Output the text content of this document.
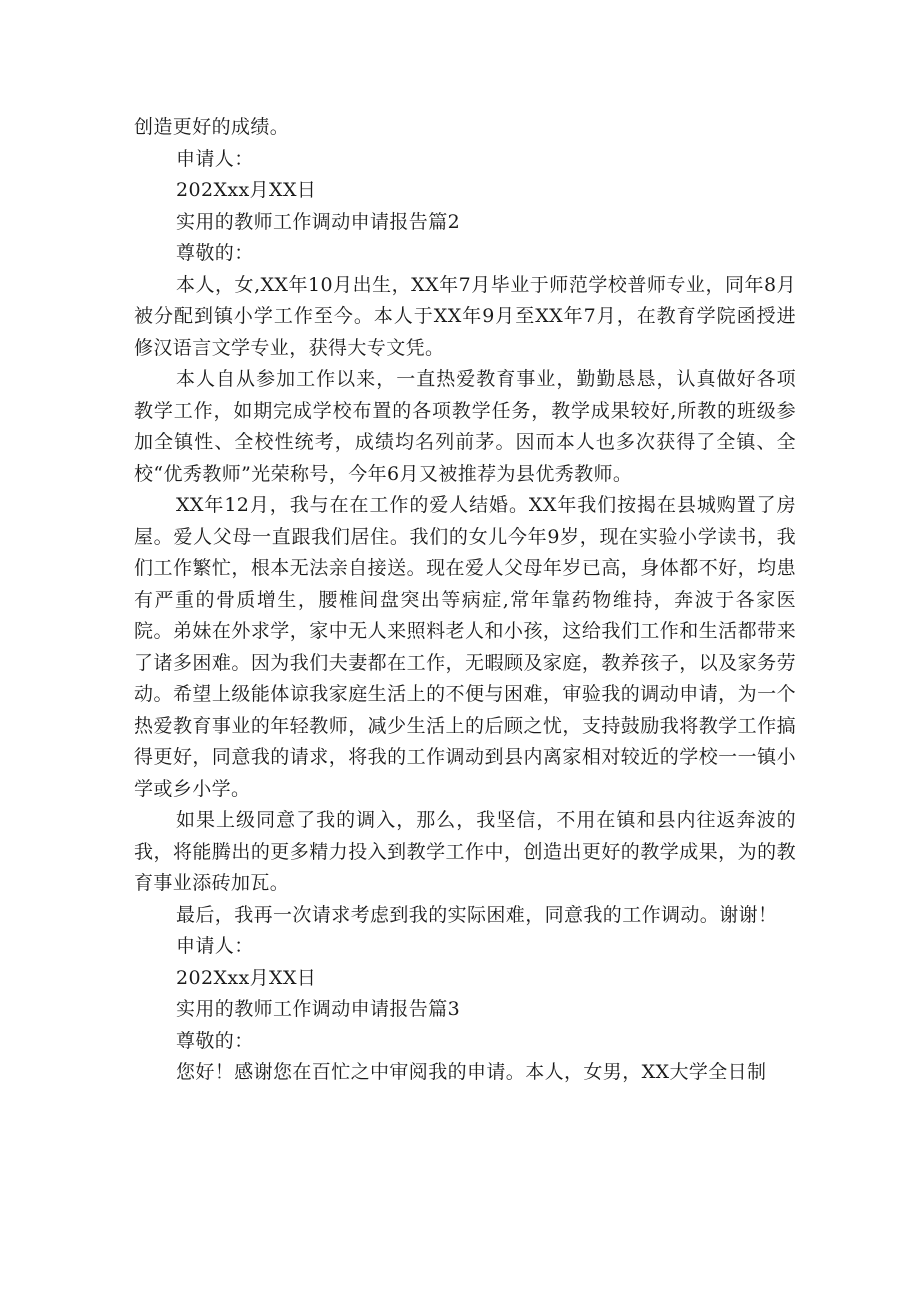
创造更好的成绩。

申请人：

202Xxx月XX日

实用的教师工作调动申请报告篇2

尊敬的：

本人，女,XX年10月出生，XX年7月毕业于师范学校普师专业，同年8月被分配到镇小学工作至今。本人于XX年9月至XX年7月，在教育学院函授进修汉语言文学专业，获得大专文凭。

本人自从参加工作以来，一直热爱教育事业，勤勤恳恳，认真做好各项教学工作，如期完成学校布置的各项教学任务，教学成果较好,所教的班级参加全镇性、全校性统考，成绩均名列前茅。因而本人也多次获得了全镇、全校“优秀教师”光荣称号，今年6月又被推荐为县优秀教师。

XX年12月，我与在在工作的爱人结婚。XX年我们按揭在县城购置了房屋。爱人父母一直跟我们居住。我们的女儿今年9岁，现在实验小学读书，我们工作繁忙，根本无法亲自接送。现在爱人父母年岁已高，身体都不好，均患有严重的骨质增生，腰椎间盘突出等病症,常年靠药物维持，奔波于各家医院。弟妹在外求学，家中无人来照料老人和小孩，这给我们工作和生活都带来了诸多困难。因为我们夫妻都在工作，无暇顾及家庭，教养孩子，以及家务劳动。希望上级能体谅我家庭生活上的不便与困难，审验我的调动申请，为一个热爱教育事业的年轻教师，减少生活上的后顾之忧，支持鼓励我将教学工作搞得更好，同意我的请求，将我的工作调动到县内离家相对较近的学校一一镇小学或乡小学。

如果上级同意了我的调入，那么，我坚信，不用在镇和县内往返奔波的我，将能腾出的更多精力投入到教学工作中，创造出更好的教学成果，为的教育事业添砖加瓦。

最后，我再一次请求考虑到我的实际困难，同意我的工作调动。谢谢！

申请人：

202Xxx月XX日

实用的教师工作调动申请报告篇3

尊敬的：

您好！感谢您在百忙之中审阅我的申请。本人，女男，XX大学全日制
